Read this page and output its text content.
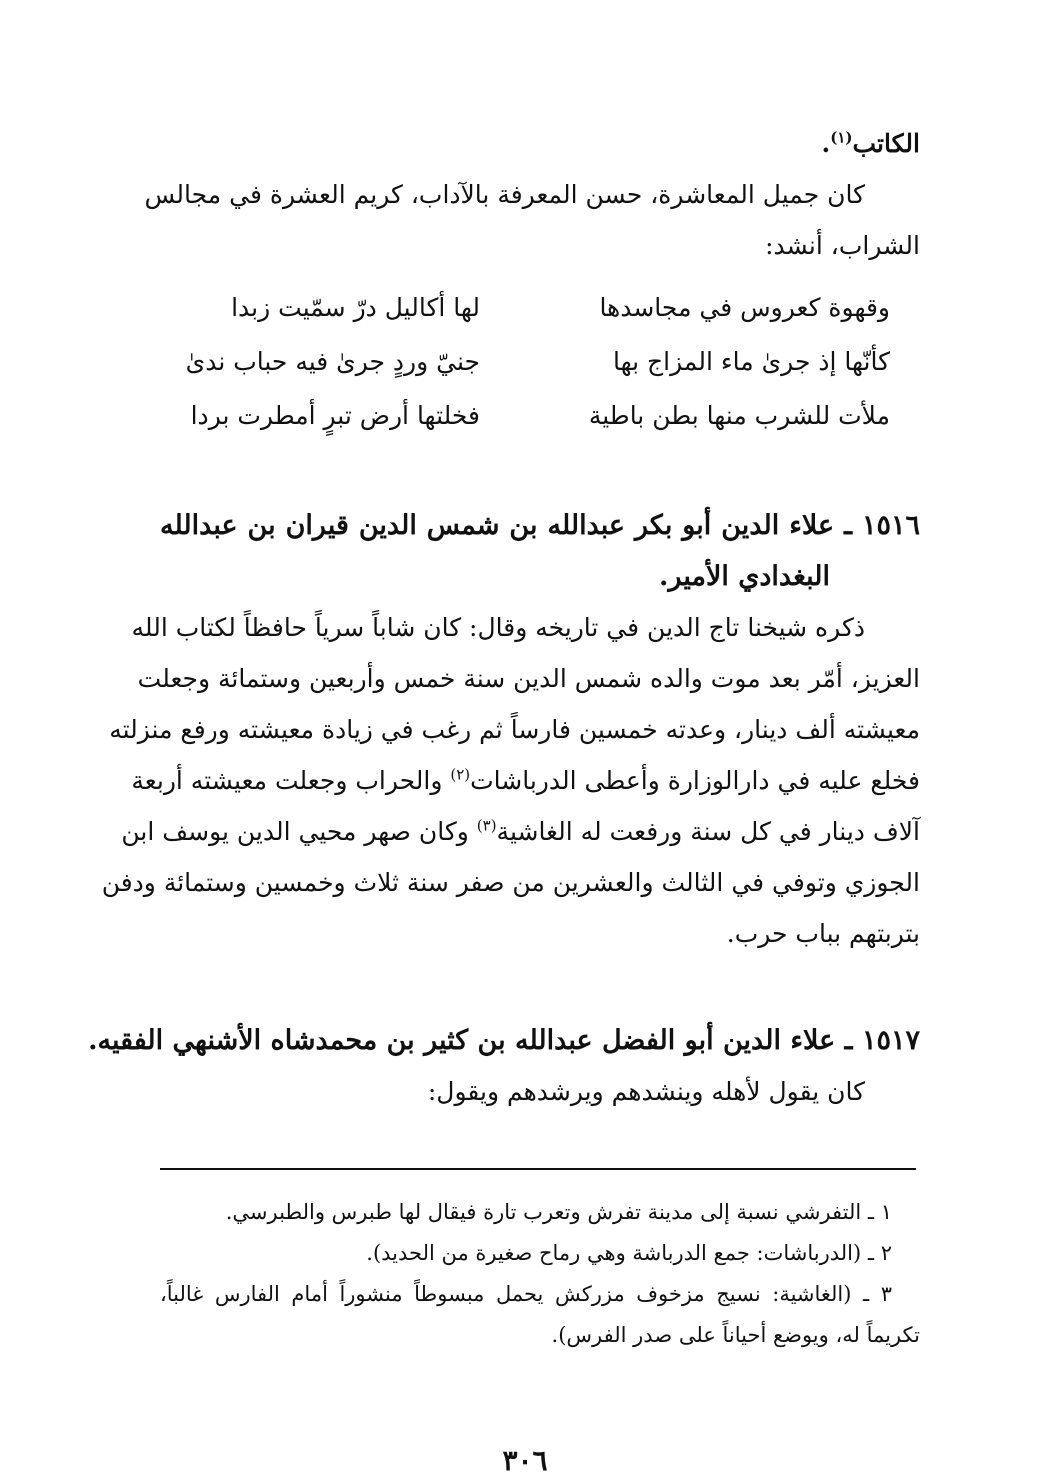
الكاتب$^{(١)}$.

كان جميل المعاشرة، حسن المعرفة بالآداب، كريم العشرة في مجالس

الشراب، أنشد:

وقهوة كعروس في مجاسدها
لها أكاليل درّ سمّيت زبدا
كأنّها إذ جرىٰ ماء المزاج بها
جنيّ وردٍ جرىٰ فيه حباب ندىٰ
ملأت للشرب منها بطن باطية
فخلتها أرض تبرٍ أمطرت بردا

١٥١٦ ـ علاء الدين أبو بكر عبدالله بن شمس الدين قيران بن عبدالله

البغدادي الأمير.

ذكره شيخنا تاج الدين في تاريخه وقال: كان شاباً سرياً حافظاً لكتاب الله

العزيز، أمّر بعد موت والده شمس الدين سنة خمس وأربعين وستمائة وجعلت

معيشته ألف دينار، وعدته خمسين فارساً ثم رغب في زيادة معيشته ورفع منزلته

فخلع عليه في دارالوزارة وأعطى الدرباشات$^{(٢)}$ والحراب وجعلت معيشته أربعة

آلاف دينار في كل سنة ورفعت له الغاشية$^{(٣)}$ وكان صهر محيي الدين يوسف ابن

الجوزي وتوفي في الثالث والعشرين من صفر سنة ثلاث وخمسين وستمائة ودفن

بتربتهم بباب حرب.

١٥١٧ ـ علاء الدين أبو الفضل عبدالله بن كثير بن محمدشاه الأشنهي الفقيه.

كان يقول لأهله وينشدهم ويرشدهم ويقول:

١ ـ التفرشي نسبة إلى مدينة تفرش وتعرب تارة فيقال لها طبرس والطبرسي.

٢ ـ (الدرباشات: جمع الدرباشة وهي رماح صغيرة من الحديد).

٣ ـ (الغاشية: نسيج مزخوف مزركش يحمل مبسوطاً منشوراً أمام الفارس غالباً،

تكريماً له، ويوضع أحياناً على صدر الفرس).

٣٠٦
